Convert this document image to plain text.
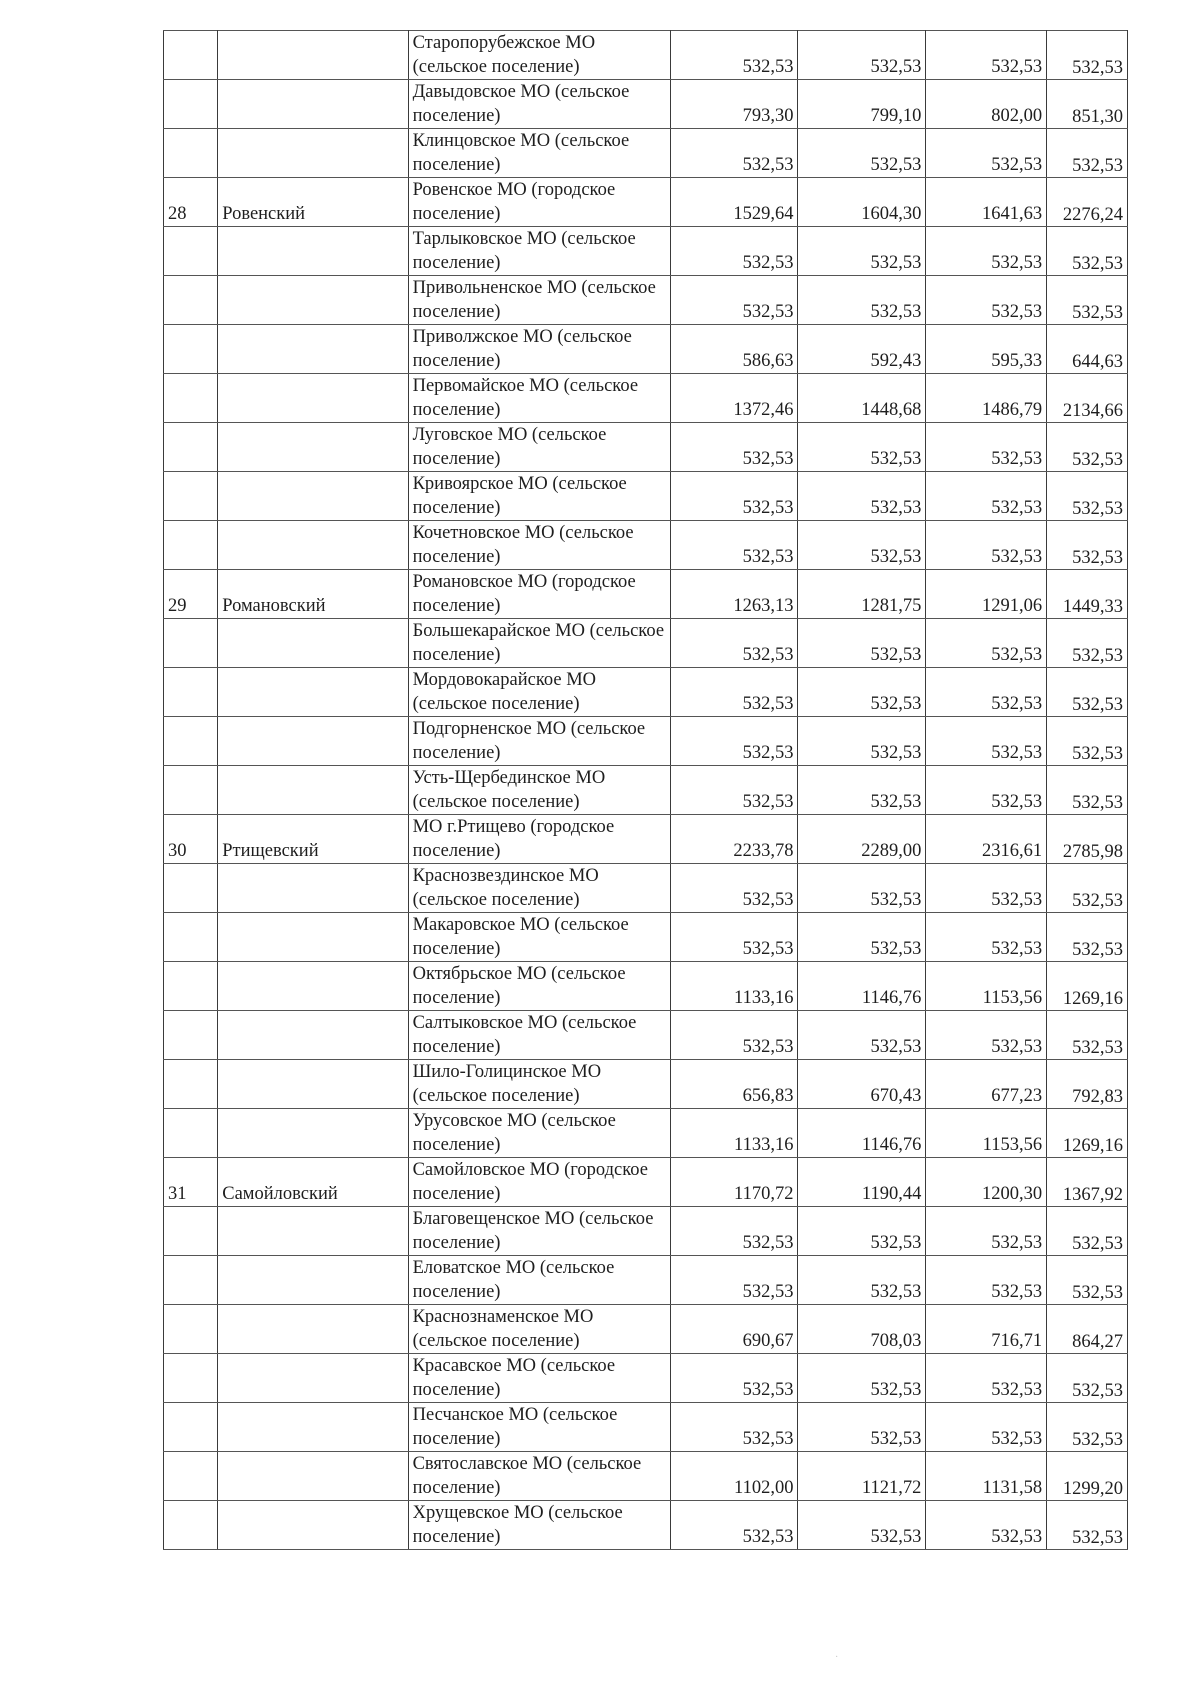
		Старопорубежское МО (сельское поселение)	532,53	532,53	532,53	532,53
		Давыдовское МО (сельское поселение)	793,30	799,10	802,00	851,30
		Клинцовское МО (сельское поселение)	532,53	532,53	532,53	532,53
28	Ровенский	Ровенское МО (городское поселение)	1529,64	1604,30	1641,63	2276,24
		Тарлыковское МО (сельское поселение)	532,53	532,53	532,53	532,53
		Привольненское МО (сельское поселение)	532,53	532,53	532,53	532,53
		Приволжское МО (сельское поселение)	586,63	592,43	595,33	644,63
		Первомайское МО (сельское поселение)	1372,46	1448,68	1486,79	2134,66
		Луговское МО (сельское поселение)	532,53	532,53	532,53	532,53
		Кривоярское МО (сельское поселение)	532,53	532,53	532,53	532,53
		Кочетновское МО (сельское поселение)	532,53	532,53	532,53	532,53
29	Романовский	Романовское МО (городское поселение)	1263,13	1281,75	1291,06	1449,33
		Большекарайское МО (сельское поселение)	532,53	532,53	532,53	532,53
		Мордовокарайское МО (сельское поселение)	532,53	532,53	532,53	532,53
		Подгорненское МО (сельское поселение)	532,53	532,53	532,53	532,53
		Усть-Щербединское МО (сельское поселение)	532,53	532,53	532,53	532,53
30	Ртищевский	МО г.Ртищево (городское поселение)	2233,78	2289,00	2316,61	2785,98
		Краснозвездинское МО (сельское поселение)	532,53	532,53	532,53	532,53
		Макаровское МО (сельское поселение)	532,53	532,53	532,53	532,53
		Октябрьское МО (сельское поселение)	1133,16	1146,76	1153,56	1269,16
		Салтыковское МО (сельское поселение)	532,53	532,53	532,53	532,53
		Шило-Голицинское МО (сельское поселение)	656,83	670,43	677,23	792,83
		Урусовское МО (сельское поселение)	1133,16	1146,76	1153,56	1269,16
31	Самойловский	Самойловское МО (городское поселение)	1170,72	1190,44	1200,30	1367,92
		Благовещенское МО (сельское поселение)	532,53	532,53	532,53	532,53
		Еловатское МО (сельское поселение)	532,53	532,53	532,53	532,53
		Краснознаменское МО (сельское поселение)	690,67	708,03	716,71	864,27
		Красавское МО (сельское поселение)	532,53	532,53	532,53	532,53
		Песчанское МО (сельское поселение)	532,53	532,53	532,53	532,53
		Святославское МО (сельское поселение)	1102,00	1121,72	1131,58	1299,20
		Хрущевское МО (сельское поселение)	532,53	532,53	532,53	532,53
·
